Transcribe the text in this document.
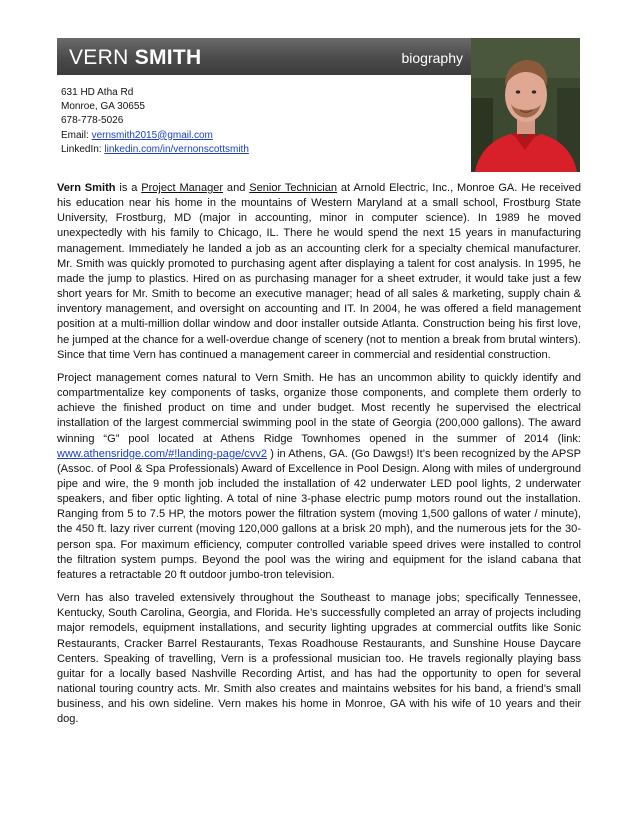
VERN SMITH	biography
631 HD Atha Rd
Monroe, GA 30655
678-778-5026
Email: vernsmith2015@gmail.com
LinkedIn: linkedin.com/in/vernonscottsmith

Vern Smith is a Project Manager and Senior Technician at Arnold Electric, Inc., Monroe GA. He received his education near his home in the mountains of Western Maryland at a small school, Frostburg State University, Frostburg, MD (major in accounting, minor in computer science). In 1989 he moved unexpectedly with his family to Chicago, IL. There he would spend the next 15 years in manufacturing management. Immediately he landed a job as an accounting clerk for a specialty chemical manufacturer. Mr. Smith was quickly promoted to purchasing agent after displaying a talent for cost analysis. In 1995, he made the jump to plastics. Hired on as purchasing manager for a sheet extruder, it would take just a few short years for Mr. Smith to become an executive manager; head of all sales & marketing, supply chain & inventory management, and oversight on accounting and IT. In 2004, he was offered a field management position at a multi-million dollar window and door installer outside Atlanta. Construction being his first love, he jumped at the chance for a well-overdue change of scenery (not to mention a break from brutal winters). Since that time Vern has continued a management career in commercial and residential construction.

Project management comes natural to Vern Smith. He has an uncommon ability to quickly identify and compartmentalize key components of tasks, organize those components, and complete them orderly to achieve the finished product on time and under budget. Most recently he supervised the electrical installation of the largest commercial swimming pool in the state of Georgia (200,000 gallons). The award winning “G” pool located at Athens Ridge Townhomes opened in the summer of 2014 (link: www.athensridge.com/#!landing-page/cvv2 ) in Athens, GA. (Go Dawgs!) It’s been recognized by the APSP (Assoc. of Pool & Spa Professionals) Award of Excellence in Pool Design. Along with miles of underground pipe and wire, the 9 month job included the installation of 42 underwater LED pool lights, 2 underwater speakers, and fiber optic lighting. A total of nine 3-phase electric pump motors round out the installation. Ranging from 5 to 7.5 HP, the motors power the filtration system (moving 1,500 gallons of water / minute), the 450 ft. lazy river current (moving 120,000 gallons at a brisk 20 mph), and the numerous jets for the 30-person spa. For maximum efficiency, computer controlled variable speed drives were installed to control the filtration system pumps. Beyond the pool was the wiring and equipment for the island cabana that features a retractable 20 ft outdoor jumbo-tron television.

Vern has also traveled extensively throughout the Southeast to manage jobs; specifically Tennessee, Kentucky, South Carolina, Georgia, and Florida. He’s successfully completed an array of projects including major remodels, equipment installations, and security lighting upgrades at commercial outfits like Sonic Restaurants, Cracker Barrel Restaurants, Texas Roadhouse Restaurants, and Sunshine House Daycare Centers. Speaking of travelling, Vern is a professional musician too. He travels regionally playing bass guitar for a locally based Nashville Recording Artist, and has had the opportunity to open for several national touring country acts. Mr. Smith also creates and maintains websites for his band, a friend’s small business, and his own sideline. Vern makes his home in Monroe, GA with his wife of 10 years and their dog.
